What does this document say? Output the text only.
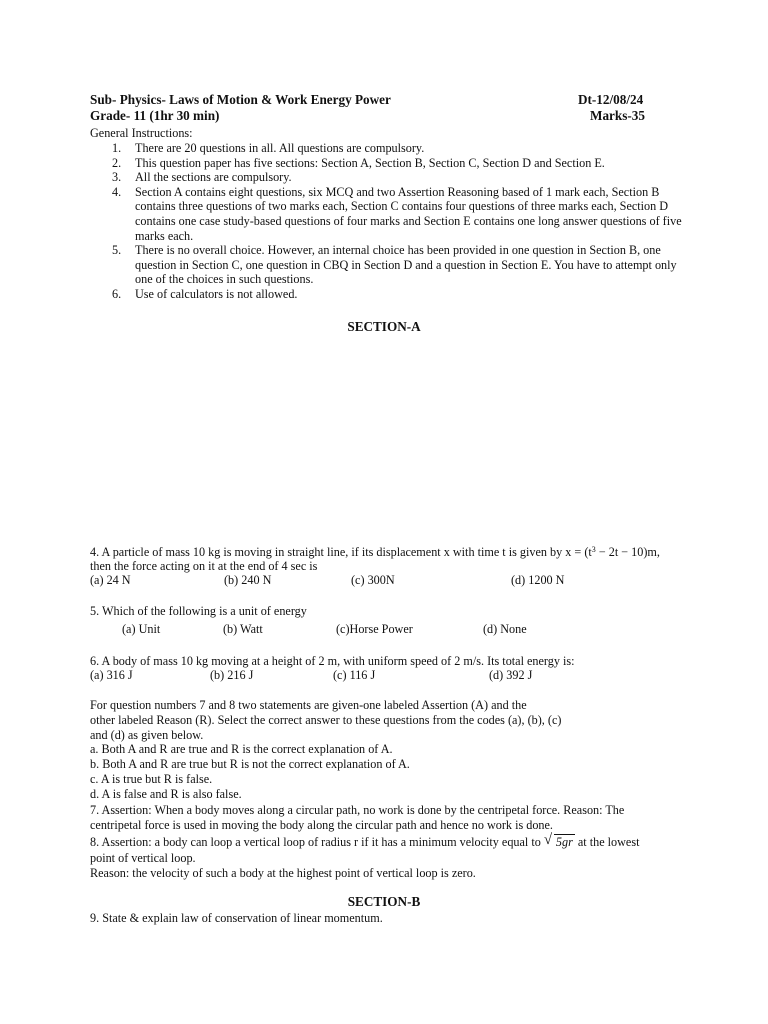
Sub- Physics- Laws of Motion & Work Energy Power	Dt-12/08/24
Grade- 11 (1hr 30 min)	Marks-35
General Instructions:
1. There are 20 questions in all. All questions are compulsory.
2. This question paper has five sections: Section A, Section B, Section C, Section D and Section E.
3. All the sections are compulsory.
4. Section A contains eight questions, six MCQ and two Assertion Reasoning based of 1 mark each, Section B contains three questions of two marks each, Section C contains four questions of three marks each, Section D contains one case study-based questions of four marks and Section E contains one long answer questions of five marks each.
5. There is no overall choice. However, an internal choice has been provided in one question in Section B, one question in Section C, one question in CBQ in Section D and a question in Section E. You have to attempt only one of the choices in such questions.
6. Use of calculators is not allowed.
SECTION-A
4. A particle of mass 10 kg is moving in straight line, if its displacement x with time t is given by $x = (t^3 - 2t - 10)m$,
then the force acting on it at the end of 4 sec is
(a) 24 N	(b) 240 N	(c) 300N	(d) 1200 N
5. Which of the following is a unit of energy
(a) Unit	(b) Watt	(c)Horse Power	(d) None
6. A body of mass 10 kg moving at a height of 2 m, with uniform speed of 2 m/s. Its total energy is:
(a) 316 J	(b) 216 J	(c) 116 J	(d) 392 J
For question numbers 7 and 8 two statements are given-one labeled Assertion (A) and the
other labeled Reason (R). Select the correct answer to these questions from the codes (a), (b), (c)
and (d) as given below.
a. Both A and R are true and R is the correct explanation of A.
b. Both A and R are true but R is not the correct explanation of A.
c. A is true but R is false.
d. A is false and R is also false.
7. Assertion: When a body moves along a circular path, no work is done by the centripetal force. Reason: The
centripetal force is used in moving the body along the circular path and hence no work is done.
8. Assertion: a body can loop a vertical loop of radius r if it has a minimum velocity equal to √ 5gr at the lowest
point of vertical loop.
Reason: the velocity of such a body at the highest point of vertical loop is zero.
SECTION-B
9. State & explain law of conservation of linear momentum.
